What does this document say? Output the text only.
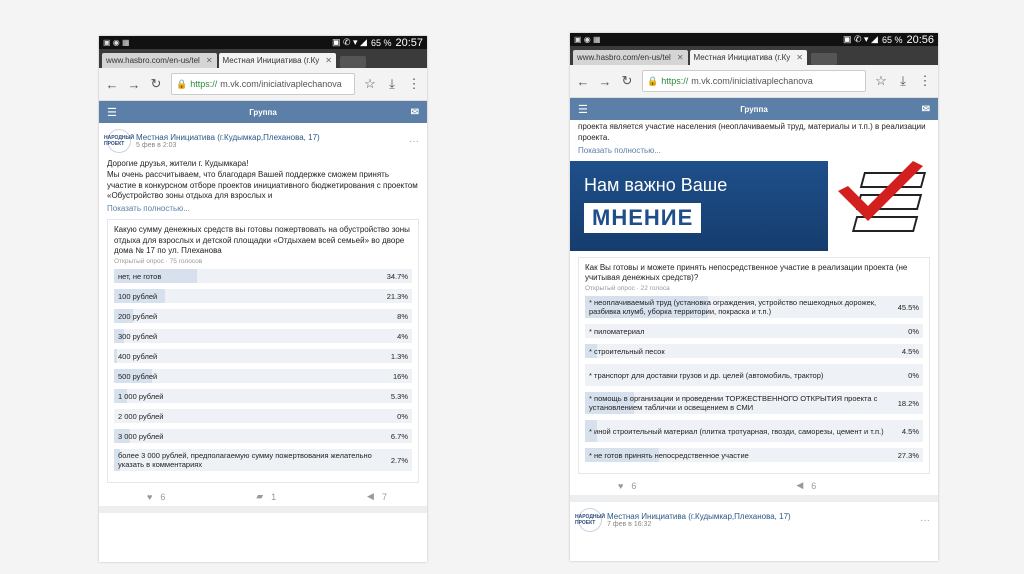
▣ ◉ ▦	▣ ✆ ▾ ◢ 65 % 20:57
www.hasbro.com/en-us/tel ✕ Местная Инициатива (г.Ку ✕
← → ↻ 🔒 https:// m.vk.com/iniciativaplechanova ☆	⤓ ⋮
☰	Группа	✉
НАРОДНЫЙ ПРОЕКТ
Местная Инициатива (г.Кудымкар,Плеханова, 17)
5 фев в 2:03	···
Дорогие друзья, жители г. Кудымкара!
Мы очень рассчитываем, что благодаря Вашей поддержке сможем принять участие в конкурсном отборе проектов инициативного бюджетирования с проектом «Обустройство зоны отдыха для взрослых и
Показать полностью...
Какую сумму денежных средств вы готовы пожертвовать на обустройство зоны отдыха для взрослых и детской площадки «Отдыхаем всей семьей» во дворе дома № 17 по ул. Плеханова
Открытый опрос · 75 голосов
нет, не готов	34.7%
100 рублей	21.3%
200 рублей	8%
300 рублей	4%
400 рублей	1.3%
500 рублей	16%
1 000 рублей	5.3%
2 000 рублей	0%
3 000 рублей	6.7%
более 3 000 рублей, предполагаемую сумму пожертвования желательно указать в комментариях
2.7%
♥ 6	▰ 1	◀ 7
▣ ◉ ▦	▣ ✆ ▾ ◢ 65 % 20:56
www.hasbro.com/en-us/tel ✕ Местная Инициатива (г.Ку ✕
← → ↻ 🔒 https:// m.vk.com/iniciativaplechanova	☆	⤓ ⋮
☰	Группа	✉
проекта является участие населения (неоплачиваемый труд, материалы и т.п.) в реализации проекта.
Показать полностью...
Нам важно Ваше
МНЕНИЕ
Как Вы готовы и можете принять непосредственное участие в реализации проекта (не учитывая денежных средств)?
Открытый опрос · 22 голоса
* неоплачиваемый труд (установка ограждения, устройство пешеходных дорожек, разбивка клумб, уборка территории, покраска и т.п.)
45.5%
* пиломатериал	0%
* строительный песок	4.5%
* транспорт для доставки грузов и др. целей (автомобиль, трактор)	0%
* помощь в организации и проведении ТОРЖЕСТВЕННОГО ОТКРЫТИЯ проекта с установлением таблички и освещением в СМИ
18.2%
* иной строительный материал (плитка тротуарная, гвозди, саморезы, цемент и т.п.) 4.5%
* не готов принять непосредственное участие	27.3%
♥ 6	◀ 6
НАРОДНЫЙ ПРОЕКТ
Местная Инициатива (г.Кудымкар,Плеханова, 17)
7 фев в 16:32	···
